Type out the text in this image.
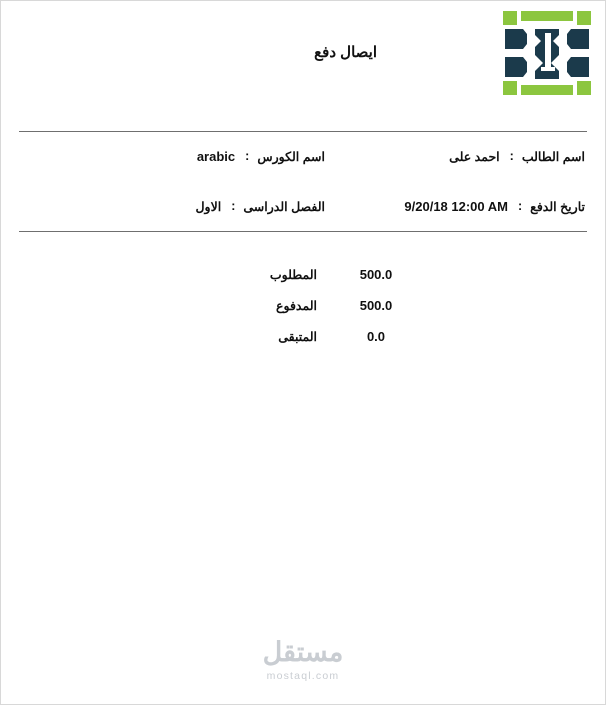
ايصال دفع
اسم الطالب
:
احمد على
اسم الكورس
:
arabic
تاريخ الدفع
:
9/20/18 12:00 AM
الفصل الدراسى
:
الاول
500.0
المطلوب
500.0
المدفوع
0.0
المتبقى
مستقل
mostaql.com
